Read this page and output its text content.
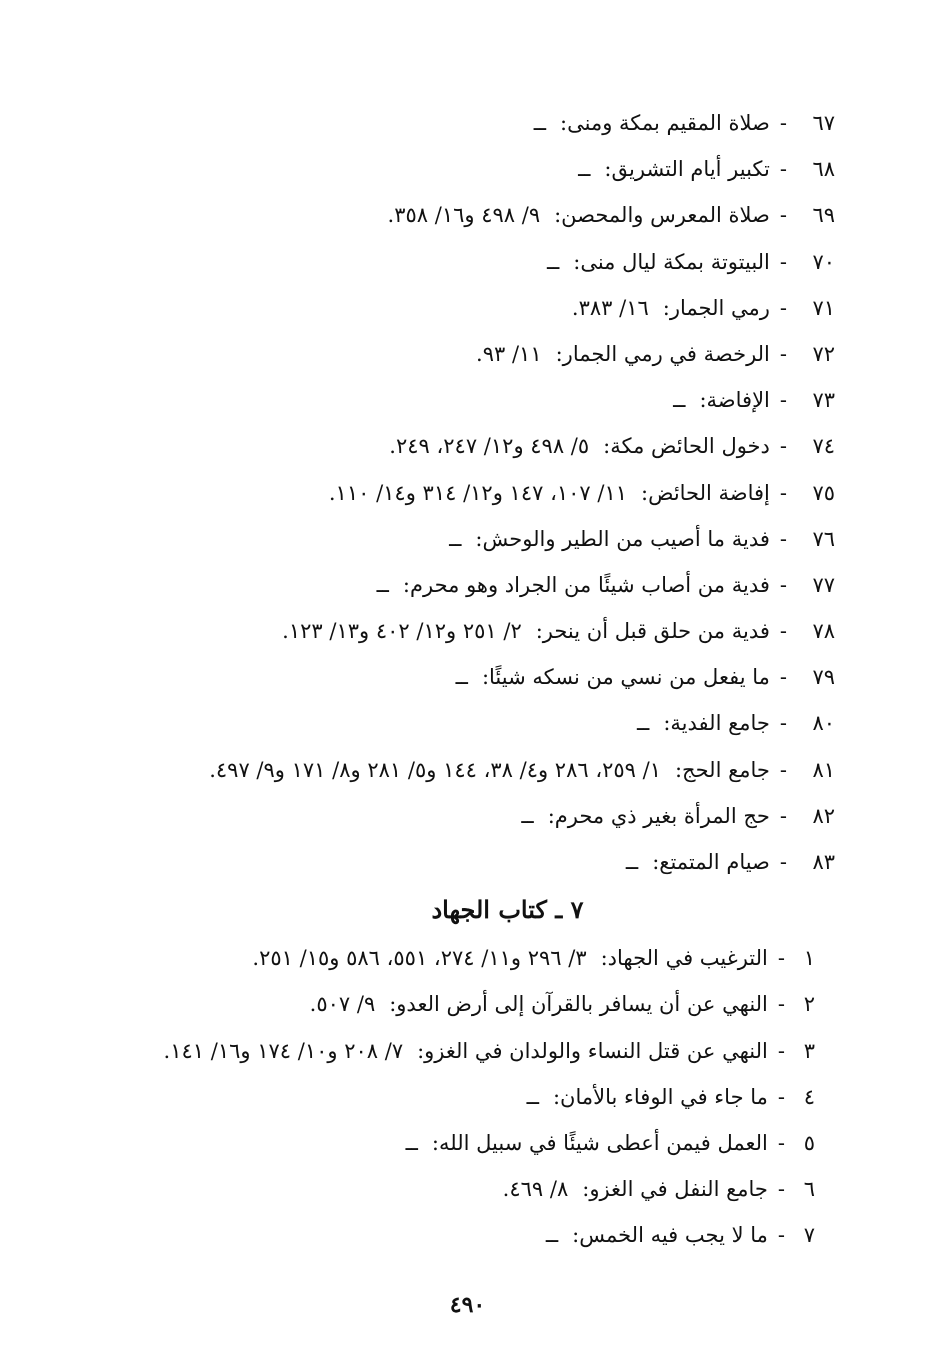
٦٧-صلاة المقيم بمكة ومنى:ــ
٦٨-تكبير أيام التشريق:ــ
٦٩-صلاة المعرس والمحصن:٩/ ٤٩٨ و١٦/ ٣٥٨.
٧٠-البيتوتة بمكة ليال منى:ــ
٧١-رمي الجمار:١٦/ ٣٨٣.
٧٢-الرخصة في رمي الجمار:١١/ ٩٣.
٧٣-الإفاضة:ــ
٧٤-دخول الحائض مكة:٥/ ٤٩٨ و١٢/ ٢٤٧، ٢٤٩.
٧٥-إفاضة الحائض:١١/ ١٠٧، ١٤٧ و١٢/ ٣١٤ و١٤/ ١١٠.
٧٦-فدية ما أصيب من الطير والوحش:ــ
٧٧-فدية من أصاب شيئًا من الجراد وهو محرم:ــ
٧٨-فدية من حلق قبل أن ينحر:٢/ ٢٥١ و١٢/ ٤٠٢ و١٣/ ١٢٣.
٧٩-ما يفعل من نسي من نسكه شيئًا:ــ
٨٠-جامع الفدية:ــ
٨١-جامع الحج:١/ ٢٥٩، ٢٨٦ و٤/ ٣٨، ١٤٤ و٥/ ٢٨١ و٨/ ١٧١ و٩/ ٤٩٧.
٨٢-حج المرأة بغير ذي محرم:ــ
٨٣-صيام المتمتع:ــ
٧ ـ كتاب الجهاد
١-الترغيب في الجهاد:٣/ ٢٩٦ و١١/ ٢٧٤، ٥٥١، ٥٨٦ و١٥/ ٢٥١.
٢-النهي عن أن يسافر بالقرآن إلى أرض العدو:٩/ ٥٠٧.
٣-النهي عن قتل النساء والولدان في الغزو:٧/ ٢٠٨ و١٠/ ١٧٤ و١٦/ ١٤١.
٤-ما جاء في الوفاء بالأمان:ــ
٥-العمل فيمن أعطى شيئًا في سبيل الله:ــ
٦-جامع النفل في الغزو:٨/ ٤٦٩.
٧-ما لا يجب فيه الخمس:ــ
٤٩٠
